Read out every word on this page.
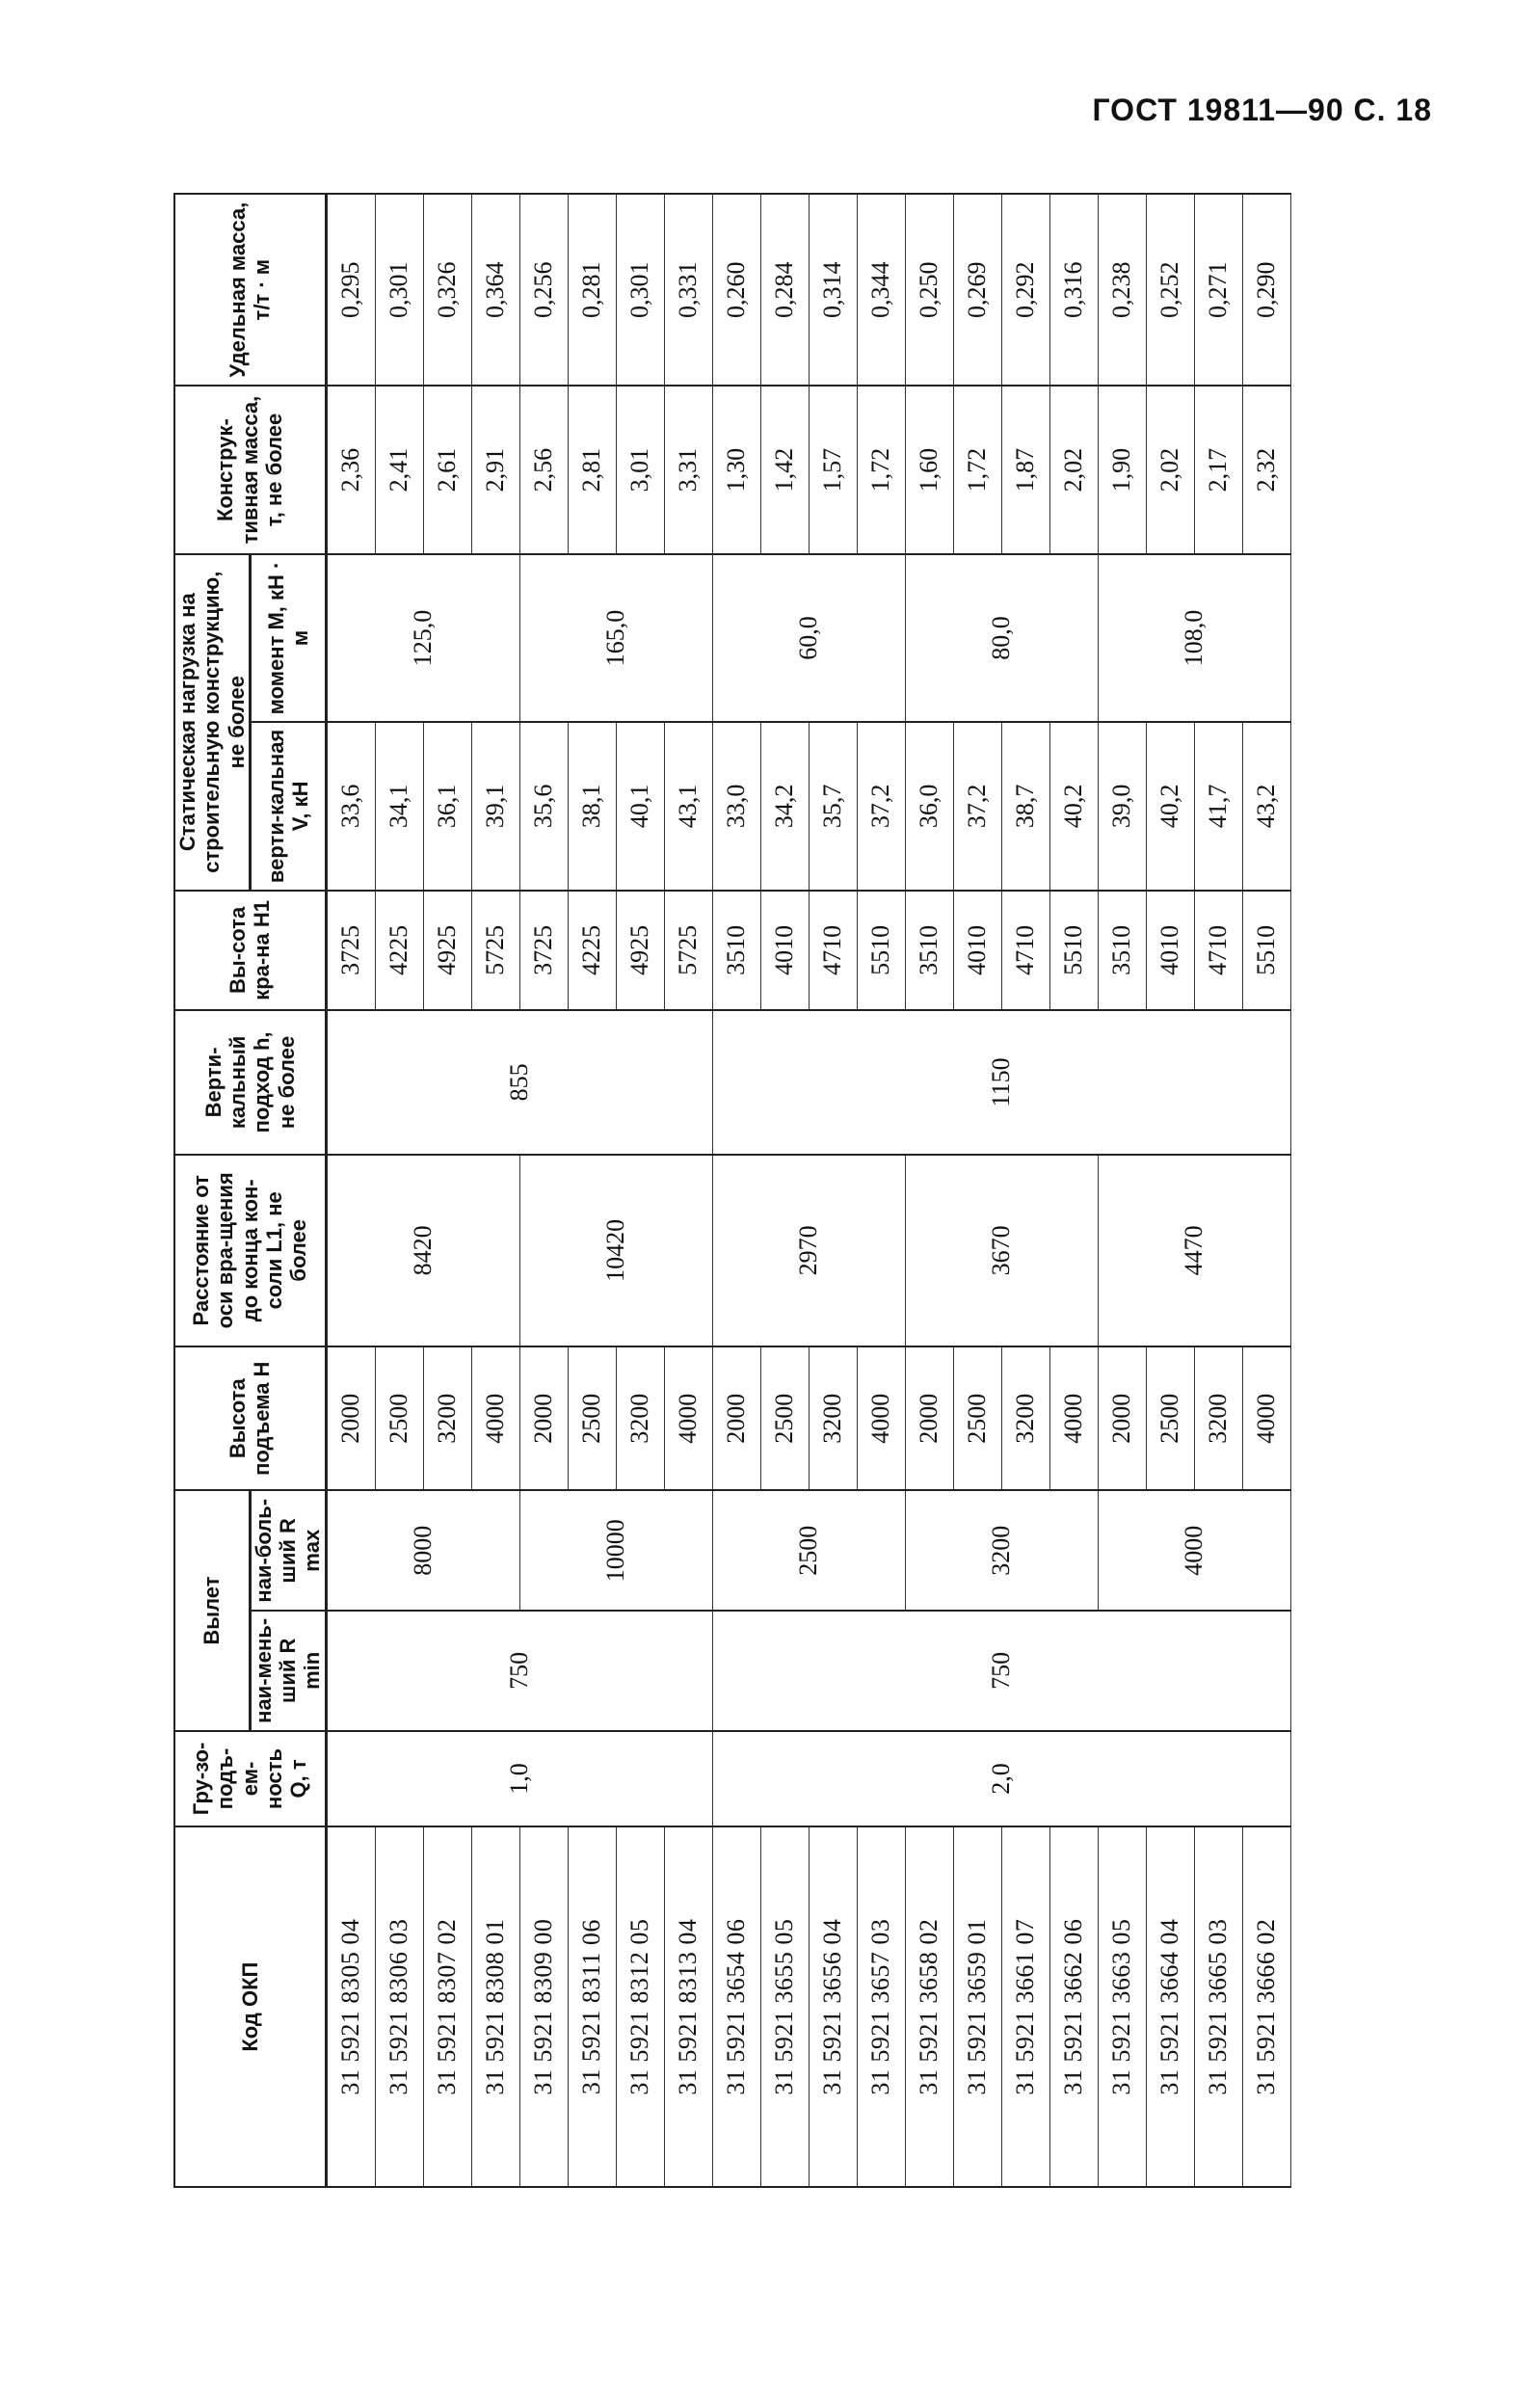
ГОСТ 19811—90 С. 18
Код ОКП	Гру-зо-подъ-ем-ность Q, т	Вылет		Высота подъема H	Расстояние от оси вра-щения до конца кон-соли L1, не более	Верти-кальный подход h, не более	Вы-сота кра-на H1	Статическая нагрузка на строительную конструкцию, не более		Конструк-тивная масса, т, не более	Удельная масса, т/т · м
		наи-мень-ший R min	наи-боль-ший R max					верти-кальная V, кН	момент M, кН · м		
31 5921 8305 04	1,0	750	8000	2000	8420	855	3725	33,6	125,0	2,36	0,295
31 5921 8306 03				2500			4225	34,1		2,41	0,301
31 5921 8307 02				3200			4925	36,1		2,61	0,326
31 5921 8308 01				4000			5725	39,1		2,91	0,364
31 5921 8309 00			10000	2000	10420		3725	35,6	165,0	2,56	0,256
31 5921 8311 06				2500			4225	38,1		2,81	0,281
31 5921 8312 05				3200			4925	40,1		3,01	0,301
31 5921 8313 04				4000			5725	43,1		3,31	0,331
31 5921 3654 06	2,0	750	2500	2000	2970	1150	3510	33,0	60,0	1,30	0,260
31 5921 3655 05				2500			4010	34,2		1,42	0,284
31 5921 3656 04				3200			4710	35,7		1,57	0,314
31 5921 3657 03				4000			5510	37,2		1,72	0,344
31 5921 3658 02			3200	2000	3670		3510	36,0	80,0	1,60	0,250
31 5921 3659 01				2500			4010	37,2		1,72	0,269
31 5921 3661 07				3200			4710	38,7		1,87	0,292
31 5921 3662 06				4000			5510	40,2		2,02	0,316
31 5921 3663 05			4000	2000	4470		3510	39,0	108,0	1,90	0,238
31 5921 3664 04				2500			4010	40,2		2,02	0,252
31 5921 3665 03				3200			4710	41,7		2,17	0,271
31 5921 3666 02				4000			5510	43,2		2,32	0,290
